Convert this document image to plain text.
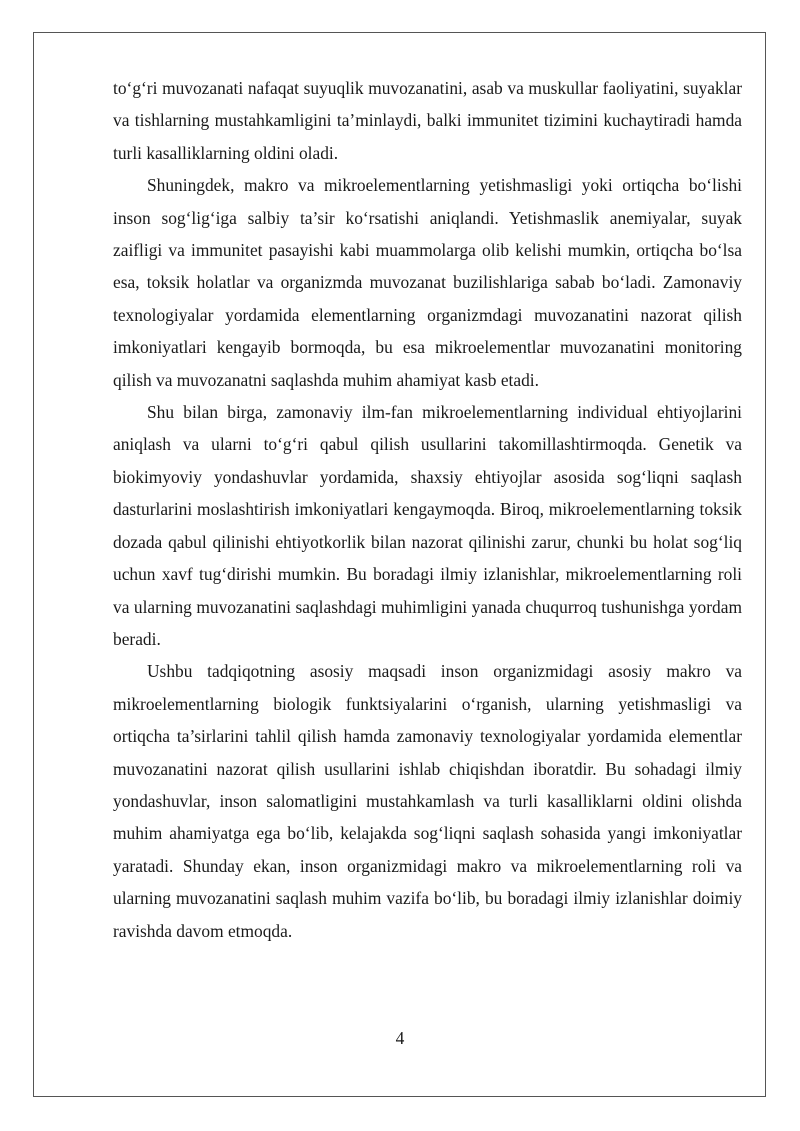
to‘g‘ri muvozanati nafaqat suyuqlik muvozanatini, asab va muskullar faoliyatini, suyaklar va tishlarning mustahkamligini ta’minlaydi, balki immunitet tizimini kuchaytiradi hamda turli kasalliklarning oldini oladi.

Shuningdek, makro va mikroelementlarning yetishmasligi yoki ortiqcha bo‘lishi inson sog‘lig‘iga salbiy ta’sir ko‘rsatishi aniqlandi. Yetishmaslik anemiyalar, suyak zaifligi va immunitet pasayishi kabi muammolarga olib kelishi mumkin, ortiqcha bo‘lsa esa, toksik holatlar va organizmda muvozanat buzilishlariga sabab bo‘ladi. Zamonaviy texnologiyalar yordamida elementlarning organizmdagi muvozanatini nazorat qilish imkoniyatlari kengayib bormoqda, bu esa mikroelementlar muvozanatini monitoring qilish va muvozanatni saqlashda muhim ahamiyat kasb etadi.

Shu bilan birga, zamonaviy ilm-fan mikroelementlarning individual ehtiyojlarini aniqlash va ularni to‘g‘ri qabul qilish usullarini takomillashtirmoqda. Genetik va biokimyoviy yondashuvlar yordamida, shaxsiy ehtiyojlar asosida sog‘liqni saqlash dasturlarini moslashtirish imkoniyatlari kengaymoqda. Biroq, mikroelementlarning toksik dozada qabul qilinishi ehtiyotkorlik bilan nazorat qilinishi zarur, chunki bu holat sog‘liq uchun xavf tug‘dirishi mumkin. Bu boradagi ilmiy izlanishlar, mikroelementlarning roli va ularning muvozanatini saqlashdagi muhimligini yanada chuqurroq tushunishga yordam beradi.

Ushbu tadqiqotning asosiy maqsadi inson organizmidagi asosiy makro va mikroelementlarning biologik funktsiyalarini o‘rganish, ularning yetishmasligi va ortiqcha ta’sirlarini tahlil qilish hamda zamonaviy texnologiyalar yordamida elementlar muvozanatini nazorat qilish usullarini ishlab chiqishdan iboratdir. Bu sohadagi ilmiy yondashuvlar, inson salomatligini mustahkamlash va turli kasalliklarni oldini olishda muhim ahamiyatga ega bo‘lib, kelajakda sog‘liqni saqlash sohasida yangi imkoniyatlar yaratadi. Shunday ekan, inson organizmidagi makro va mikroelementlarning roli va ularning muvozanatini saqlash muhim vazifa bo‘lib, bu boradagi ilmiy izlanishlar doimiy ravishda davom etmoqda.

4
